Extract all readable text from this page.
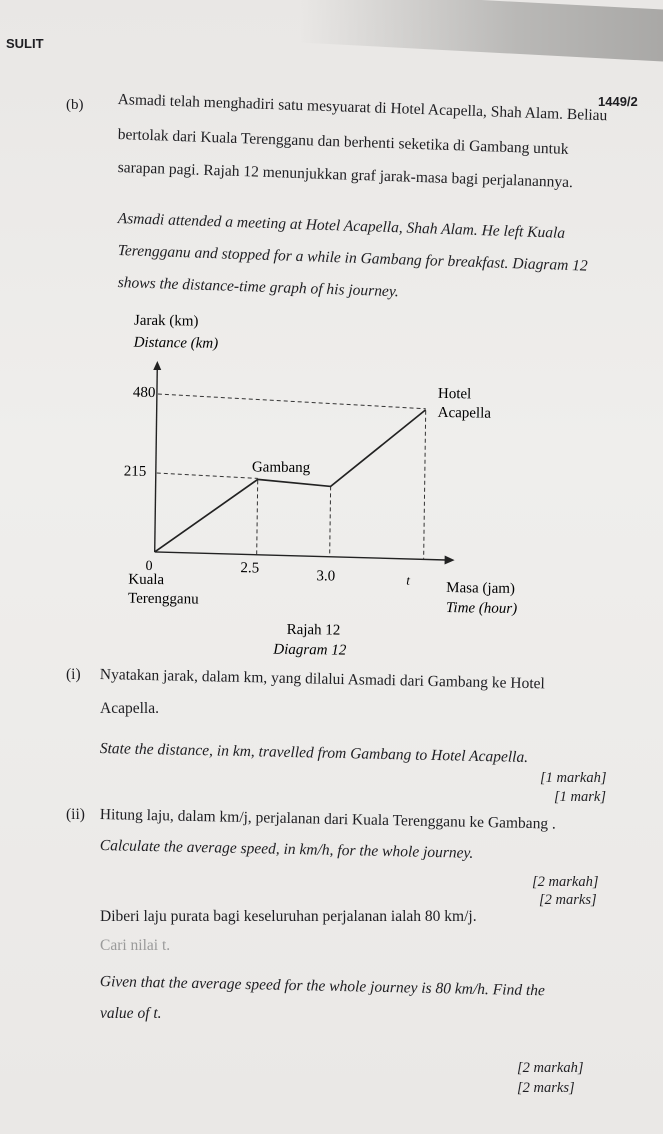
SULIT
1449/2
(b) Asmadi telah menghadiri satu mesyuarat di Hotel Acapella, Shah Alam. Beliau
bertolak dari Kuala Terengganu dan berhenti seketika di Gambang untuk
sarapan pagi. Rajah 12 menunjukkan graf jarak-masa bagi perjalanannya.
Asmadi attended a meeting at Hotel Acapella, Shah Alam. He left Kuala
Terengganu and stopped for a while in Gambang for breakfast. Diagram 12
shows the distance-time graph of his journey.
Jarak (km)
Distance (km)
480
215
0	2.5	3.0	t
Kuala
Terengganu
Gambang
Hotel
Acapella
Masa (jam)
Time (hour)
Rajah 12
Diagram 12
(i) Nyatakan jarak, dalam km, yang dilalui Asmadi dari Gambang ke Hotel
Acapella.
State the distance, in km, travelled from Gambang to Hotel Acapella.
[1 markah]
[1 mark]
(ii) Hitung laju, dalam km/j, perjalanan dari Kuala Terengganu ke Gambang .
Calculate the average speed, in km/h, for the whole journey.
[2 markah]
[2 marks]
Diberi laju purata bagi keseluruhan perjalanan ialah 80 km/j.
Cari nilai t.
Given that the average speed for the whole journey is 80 km/h. Find the
value of t.
[2 markah]
[2 marks]
